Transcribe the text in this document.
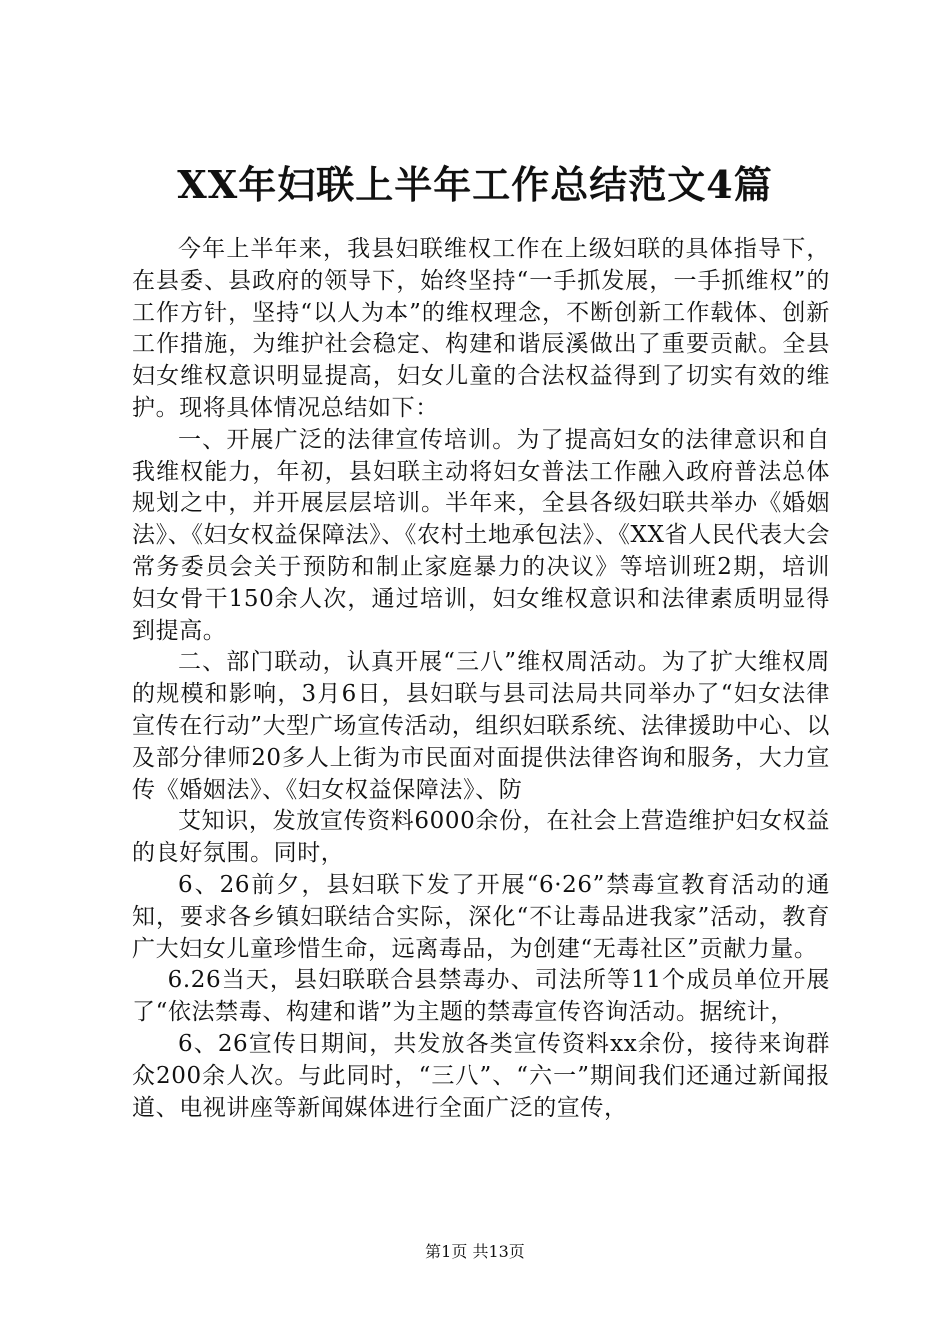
XX年妇联上半年工作总结范文4篇

今年上半年来，我县妇联维权工作在上级妇联的具体指导下，在县委、县政府的领导下，始终坚持“一手抓发展，一手抓维权”的工作方针，坚持“以人为本”的维权理念，不断创新工作载体、创新工作措施，为维护社会稳定、构建和谐辰溪做出了重要贡献。全县妇女维权意识明显提高，妇女儿童的合法权益得到了切实有效的维护。现将具体情况总结如下：

一、开展广泛的法律宣传培训。为了提高妇女的法律意识和自我维权能力，年初，县妇联主动将妇女普法工作融入政府普法总体规划之中，并开展层层培训。半年来，全县各级妇联共举办《婚姻法》、《妇女权益保障法》、《农村土地承包法》、《XX省人民代表大会常务委员会关于预防和制止家庭暴力的决议》等培训班2期，培训妇女骨干150余人次，通过培训，妇女维权意识和法律素质明显得到提高。

二、部门联动，认真开展“三八”维权周活动。为了扩大维权周的规模和影响，3月6日，县妇联与县司法局共同举办了“妇女法律宣传在行动”大型广场宣传活动，组织妇联系统、法律援助中心、以及部分律师20多人上街为市民面对面提供法律咨询和服务，大力宣传《婚姻法》、《妇女权益保障法》、防

艾知识，发放宣传资料6000余份，在社会上营造维护妇女权益的良好氛围。同时，

6、26前夕，县妇联下发了开展“6·26”禁毒宣教育活动的通知，要求各乡镇妇联结合实际，深化“不让毒品进我家”活动，教育广大妇女儿童珍惜生命，远离毒品，为创建“无毒社区”贡献力量。

6.26当天，县妇联联合县禁毒办、司法所等11个成员单位开展了“依法禁毒、构建和谐”为主题的禁毒宣传咨询活动。据统计，

6、26宣传日期间，共发放各类宣传资料xx余份，接待来询群众200余人次。与此同时，“三八”、“六一”期间我们还通过新闻报道、电视讲座等新闻媒体进行全面广泛的宣传，

第1页 共13页
